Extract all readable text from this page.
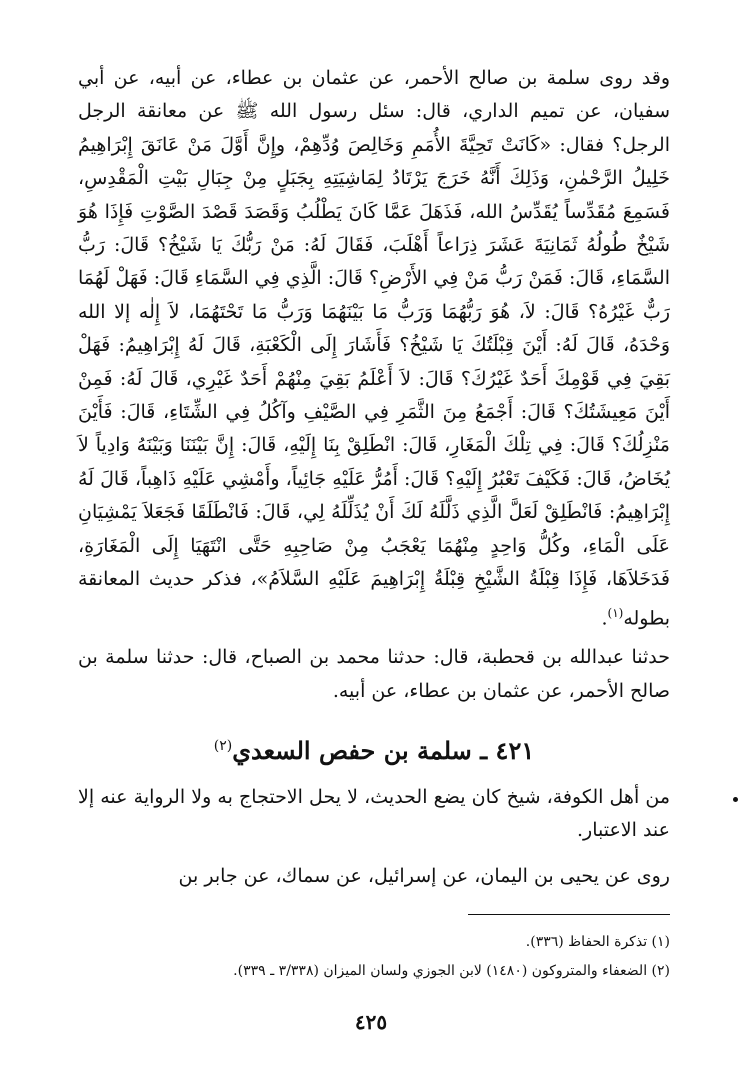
وقد روى سلمة بن صالح الأحمر، عن عثمان بن عطاء، عن أبيه، عن أبي سفيان، عن تميم الداري، قال: سئل رسول الله ﷺ عن معانقة الرجل الرجل؟ فقال: «كَانَتْ تَحِيَّةَ الأُمَمِ وَخَالِصَ وُدِّهِمْ، وإِنَّ أَوَّلَ مَنْ عَانَقَ إِبْرَاهِيمُ خَلِيلُ الرَّحْمٰنِ، وَذَلِكَ أَنَّهُ خَرَجَ يَرْتَادُ لِمَاشِيَتِهِ بِجَبَلٍ مِنْ جِبَالِ بَيْتِ الْمَقْدِسِ، فَسَمِعَ مُقَدِّساً يُقَدِّسُ الله، فَذَهَلَ عَمَّا كَانَ يَطْلُبُ وَقَصَدَ قَصْدَ الصَّوْتِ فَإِذَا هُوَ شَيْخٌ طُولُهُ ثَمَانِيَةَ عَشَرَ ذِرَاعاً أَهْلَبَ، فَقَالَ لَهُ: مَنْ رَبُّكَ يَا شَيْخُ؟ قَالَ: رَبُّ السَّمَاءِ، قَالَ: فَمَنْ رَبُّ مَنْ فِي الأَرْضِ؟ قَالَ: الَّذِي فِي السَّمَاءِ قَالَ: فَهَلْ لَهُمَا رَبٌّ غَيْرُهُ؟ قَالَ: لاَ، هُوَ رَبُّهُمَا وَرَبُّ مَا بَيْنَهُمَا وَرَبُّ مَا تَحْتَهُمَا، لاَ إِلٰه إلا الله وَحْدَهُ، قَالَ لَهُ: أَيْنَ قِبْلَتُكَ يَا شَيْخُ؟ فَأَشَارَ إِلَى الْكَعْبَةِ، قَالَ لَهُ إِبْرَاهِيمُ: فَهَلْ بَقِيَ فِي قَوْمِكَ أَحَدٌ غَيْرُكَ؟ قَالَ: لاَ أَعْلَمُ بَقِيَ مِنْهُمْ أَحَدٌ غَيْرِي، قَالَ لَهُ: فَمِنْ أَيْنَ مَعِيشَتُكَ؟ قَالَ: أَجْمَعُ مِنَ الثَّمَرِ فِي الصَّيْفِ وآكُلُ فِي الشِّتَاءِ، قَالَ: فَأَيْنَ مَنْزِلُكَ؟ قَالَ: فِي تِلْكَ الْمَغَارِ، قَالَ: انْطَلِقْ بِنَا إِلَيْهِ، قَالَ: إِنَّ بَيْنَنَا وَبَيْنَهُ وَادِياً لاَ يُخَاضُ، قَالَ: فَكَيْفَ تَعْبُرُ إِلَيْهِ؟ قَالَ: أَمُرُّ عَلَيْهِ جَائِياً، وأَمْشِي عَلَيْهِ ذَاهِباً، قَالَ لَهُ إِبْرَاهِيمُ: فَانْطَلِقْ لَعَلَّ الَّذِي ذَلَّلَهُ لَكَ أَنْ يُذَلِّلَهُ لِي، قَالَ: فَانْطَلَقَا فَجَعَلاَ يَمْشِيَانِ عَلَى الْمَاءِ، وكُلُّ وَاحِدٍ مِنْهُمَا يَعْجَبُ مِنْ صَاحِبِهِ حَتَّى انْتَهَيَا إِلَى الْمَغَارَةِ، فَدَخَلاَهَا، فَإِذَا قِبْلَةُ الشَّيْخِ قِبْلَةُ إِبْرَاهِيمَ عَلَيْهِ السَّلاَمُ»، فذكر حديث المعانقة بطوله$^{(١)}$.

حدثنا عبدالله بن قحطبة، قال: حدثنا محمد بن الصباح، قال: حدثنا سلمة بن صالح الأحمر، عن عثمان بن عطاء، عن أبيه.

٤٢١ ـ سلمة بن حفص السعدي$^{(٢)}$

من أهل الكوفة، شيخ كان يضع الحديث، لا يحل الاحتجاج به ولا الرواية عنه إلا عند الاعتبار.

روى عن يحيى بن اليمان، عن إسرائيل، عن سماك، عن جابر بن

(١) تذكرة الحفاظ (٣٣٦).

(٢) الضعفاء والمتروكون (١٤٨٠) لابن الجوزي ولسان الميزان (٣/٣٣٨ ـ ٣٣٩).

٤٢٥
